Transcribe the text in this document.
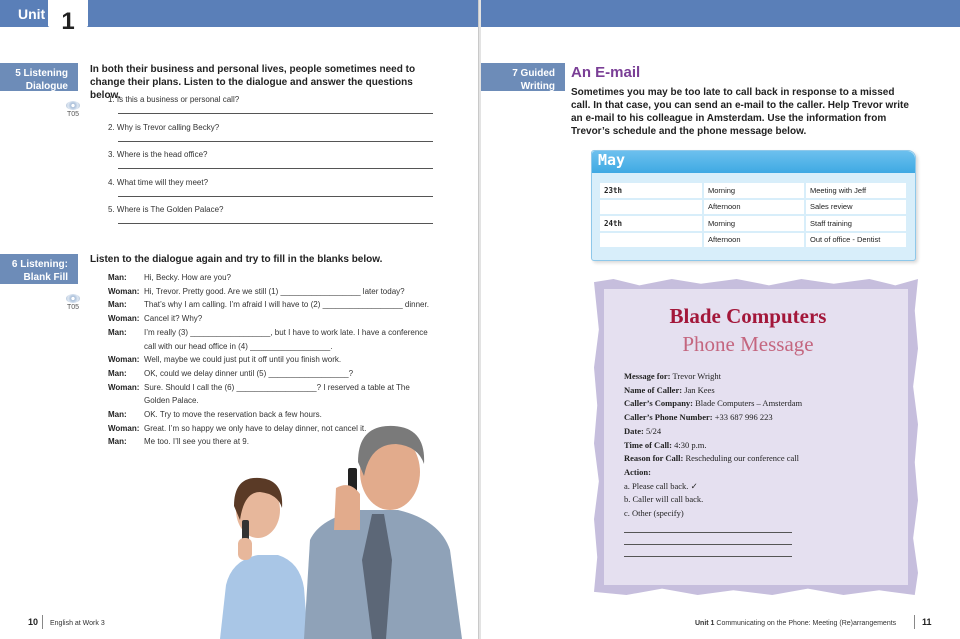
Unit 1
5 Listening
Dialogue
T05
In both their business and personal lives, people sometimes need to change their plans. Listen to the dialogue and answer the questions below.
1. Is this a business or personal call?
2. Why is Trevor calling Becky?
3. Where is the head office?
4. What time will they meet?
5. Where is The Golden Palace?
6 Listening:
Blank Fill
T05
Listen to the dialogue again and try to fill in the blanks below.
Man:	Hi, Becky. How are you?
Woman: Hi, Trevor. Pretty good. Are we still (1) __________________ later today?
Man:	That’s why I am calling. I’m afraid I will have to (2) __________________ dinner.
Woman: Cancel it? Why?
Man:	I’m really (3) __________________, but I have to work late. I have a conference
call with our head office in (4) __________________.
Woman: Well, maybe we could just put it off until you finish work.
Man:	OK, could we delay dinner until (5) __________________?
Woman: Sure. Should I call the (6) __________________? I reserved a table at The
Golden Palace.
Man:	OK. Try to move the reservation back a few hours.
Woman: Great. I’m so happy we only have to delay dinner, not cancel it.
Man:	Me too. I’ll see you there at 9.
10 English at Work 3
7 Guided
Writing
An E-mail
Sometimes you may be too late to call back in response to a missed call. In that case, you can send an e-mail to the caller. Help Trevor write an e-mail to his colleague in Amsterdam. Use the information from Trevor’s schedule and the phone message below.
May
23th	Morning	Meeting with Jeff
	Afternoon	Sales review
24th	Morning	Staff training
	Afternoon	Out of office - Dentist
Blade Computers
Phone Message
Message for: Trevor Wright
Name of Caller: Jan Kees
Caller’s Company: Blade Computers – Amsterdam
Caller’s Phone Number: +33 687 996 223
Date: 5/24
Time of Call: 4:30 p.m.
Reason for Call: Rescheduling our conference call
Action:
a. Please call back. ✓
b. Caller will call back.
c. Other (specify)
Unit 1 Communicating on the Phone: Meeting (Re)arrangements	11
